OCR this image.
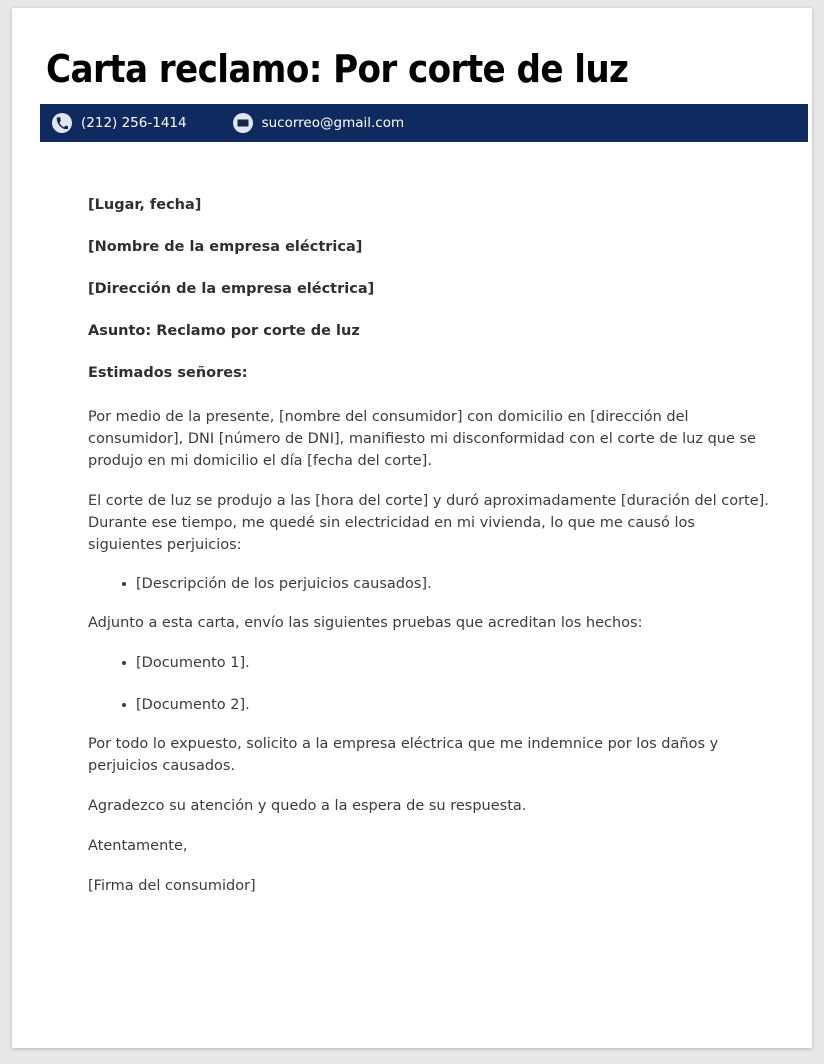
Carta reclamo: Por corte de luz
(212) 256-1414	sucorreo@gmail.com

[Lugar, fecha]

[Nombre de la empresa eléctrica]

[Dirección de la empresa eléctrica]

Asunto: Reclamo por corte de luz

Estimados señores:

Por medio de la presente, [nombre del consumidor] con domicilio en [dirección del consumidor], DNI [número de DNI], manifiesto mi disconformidad con el corte de luz que se produjo en mi domicilio el día [fecha del corte].

El corte de luz se produjo a las [hora del corte] y duró aproximadamente [duración del corte]. Durante ese tiempo, me quedé sin electricidad en mi vivienda, lo que me causó los siguientes perjuicios:

[Descripción de los perjuicios causados].

Adjunto a esta carta, envío las siguientes pruebas que acreditan los hechos:

[Documento 1].
[Documento 2].

Por todo lo expuesto, solicito a la empresa eléctrica que me indemnice por los daños y perjuicios causados.

Agradezco su atención y quedo a la espera de su respuesta.

Atentamente,

[Firma del consumidor]
